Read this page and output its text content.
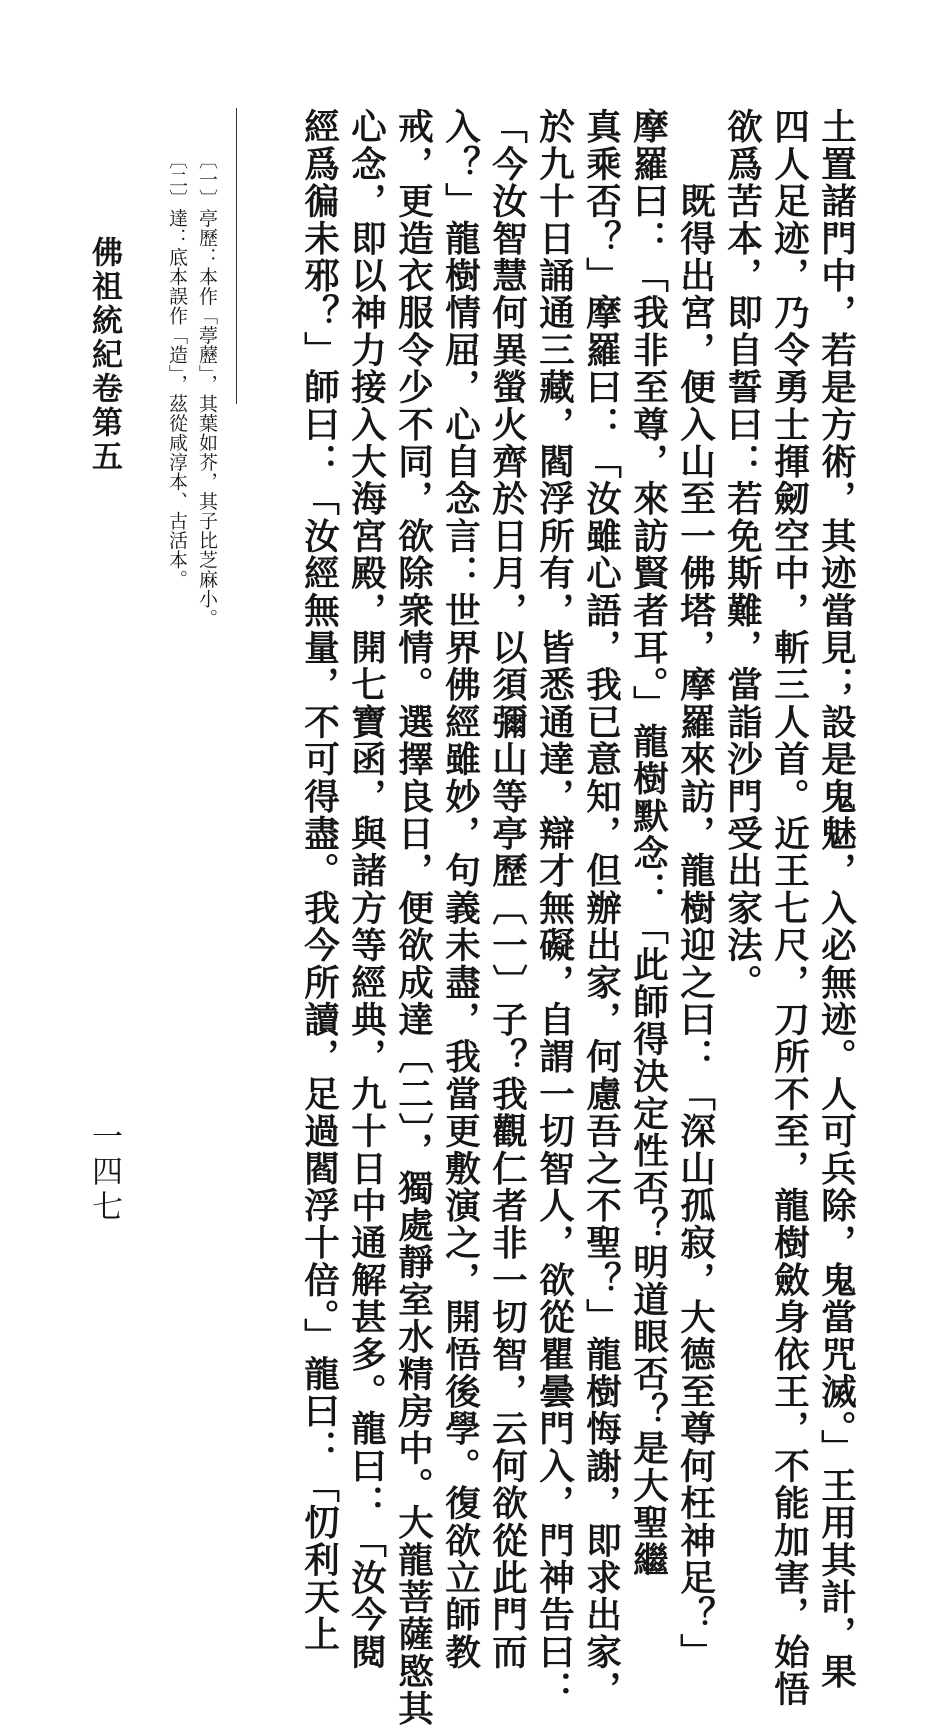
土置諸門中，若是方術，其迹當見；設是鬼魅，入必無迹。人可兵除，鬼當咒滅。」王用其計，果
四人足迹，乃令勇士揮劒空中，斬三人首。近王七尺，刀所不至，龍樹斂身依王，不能加害，始悟
欲爲苦本，即自誓曰：若免斯難，當詣沙門受出家法。
　　既得出宮，便入山至一佛塔，摩羅來訪，龍樹迎之曰：「深山孤寂，大德至尊何枉神足？」
摩羅曰：「我非至尊，來訪賢者耳。」龍樹默念：「此師得決定性否？明道眼否？是大聖繼
真乘否？」摩羅曰：「汝雖心語，我已意知，但辦出家，何慮吾之不聖？」龍樹悔謝，即求出家，
於九十日誦通三藏，閻浮所有，皆悉通達，辯才無礙，自謂一切智人，欲從瞿曇門入，門神告曰：
「今汝智慧何異螢火齊於日月，以須彌山等亭歷〔一〕子？我觀仁者非一切智，云何欲從此門而
入？」龍樹情屈，心自念言：世界佛經雖妙，句義未盡，我當更敷演之，開悟後學。復欲立師教
戒，更造衣服令少不同，欲除衆情。選擇良日，便欲成達〔二〕，獨處靜室水精房中。大龍菩薩愍其
心念，即以神力接入大海宮殿，開七寶函，與諸方等經典，九十日中通解甚多。龍曰：「汝今閱
經爲徧未邪？」師曰：「汝經無量，不可得盡。我今所讀，足過閻浮十倍。」龍曰：「忉利天上
〔一〕亭歷：本作「葶藶」，其葉如芥，其子比芝麻小。
〔二〕達：底本誤作「造」，茲從咸淳本、古活本。
佛祖統紀卷第五
一四七
